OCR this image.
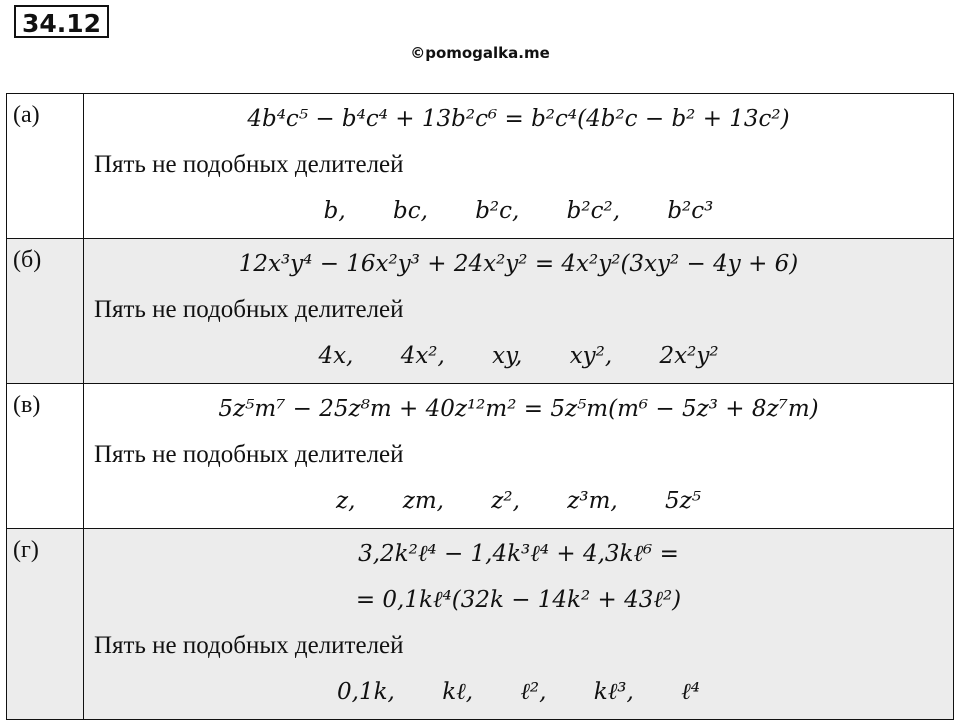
34.12
©pomogalka.me
(а)	4b⁴c⁵ − b⁴c⁴ + 13b²c⁶ = b²c⁴(4b²c − b² + 13c²)
Пять не подобных делителей
b, bc, b²c, b²c², b²c³

(б)	12x³y⁴ − 16x²y³ + 24x²y² = 4x²y²(3xy² − 4y + 6)
Пять не подобных делителей
4x, 4x², xy, xy², 2x²y²

(в)	5z⁵m⁷ − 25z⁸m + 40z¹²m² = 5z⁵m(m⁶ − 5z³ + 8z⁷m)
Пять не подобных делителей
z, zm, z², z³m, 5z⁵

(г)	3,2k²ℓ⁴ − 1,4k³ℓ⁴ + 4,3kℓ⁶ =
= 0,1kℓ⁴(32k − 14k² + 43ℓ²)
Пять не подобных делителей
0,1k, kℓ, ℓ², kℓ³, ℓ⁴
